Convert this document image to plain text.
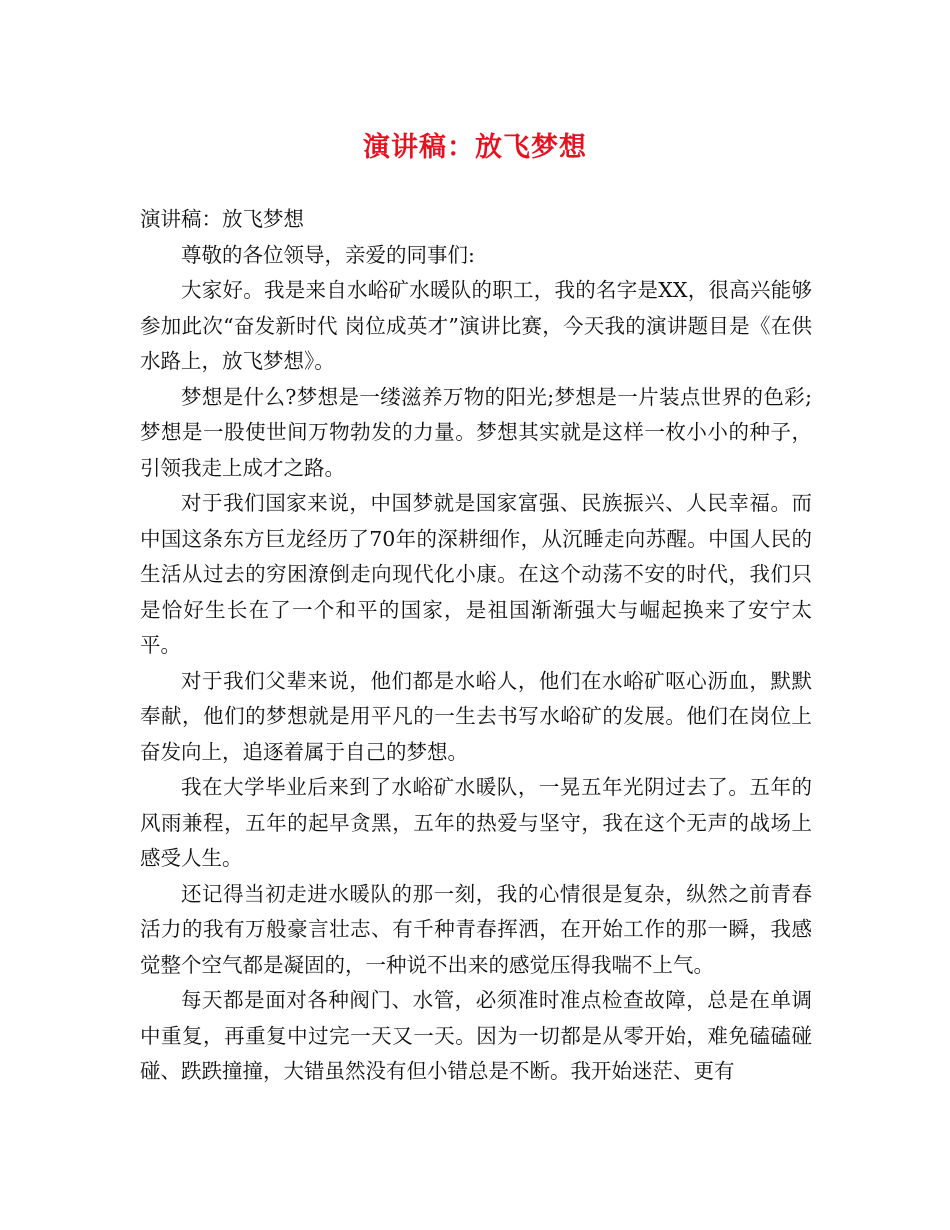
演讲稿：放飞梦想

演讲稿：放飞梦想

尊敬的各位领导，亲爱的同事们:

大家好。我是来自水峪矿水暖队的职工，我的名字是XX，很高兴能够参加此次“奋发新时代 岗位成英才”演讲比赛，今天我的演讲题目是《在供水路上，放飞梦想》。

梦想是什么?梦想是一缕滋养万物的阳光;梦想是一片装点世界的色彩;梦想是一股使世间万物勃发的力量。梦想其实就是这样一枚小小的种子，引领我走上成才之路。

对于我们国家来说，中国梦就是国家富强、民族振兴、人民幸福。而中国这条东方巨龙经历了70年的深耕细作，从沉睡走向苏醒。中国人民的生活从过去的穷困潦倒走向现代化小康。在这个动荡不安的时代，我们只是恰好生长在了一个和平的国家，是祖国渐渐强大与崛起换来了安宁太平。

对于我们父辈来说，他们都是水峪人，他们在水峪矿呕心沥血，默默奉献，他们的梦想就是用平凡的一生去书写水峪矿的发展。他们在岗位上奋发向上，追逐着属于自己的梦想。

我在大学毕业后来到了水峪矿水暖队，一晃五年光阴过去了。五年的风雨兼程，五年的起早贪黑，五年的热爱与坚守，我在这个无声的战场上感受人生。

还记得当初走进水暖队的那一刻，我的心情很是复杂，纵然之前青春活力的我有万般豪言壮志、有千种青春挥洒，在开始工作的那一瞬，我感觉整个空气都是凝固的，一种说不出来的感觉压得我喘不上气。

每天都是面对各种阀门、水管，必须准时准点检查故障，总是在单调中重复，再重复中过完一天又一天。因为一切都是从零开始，难免磕磕碰碰、跌跌撞撞，大错虽然没有但小错总是不断。我开始迷茫、更有
